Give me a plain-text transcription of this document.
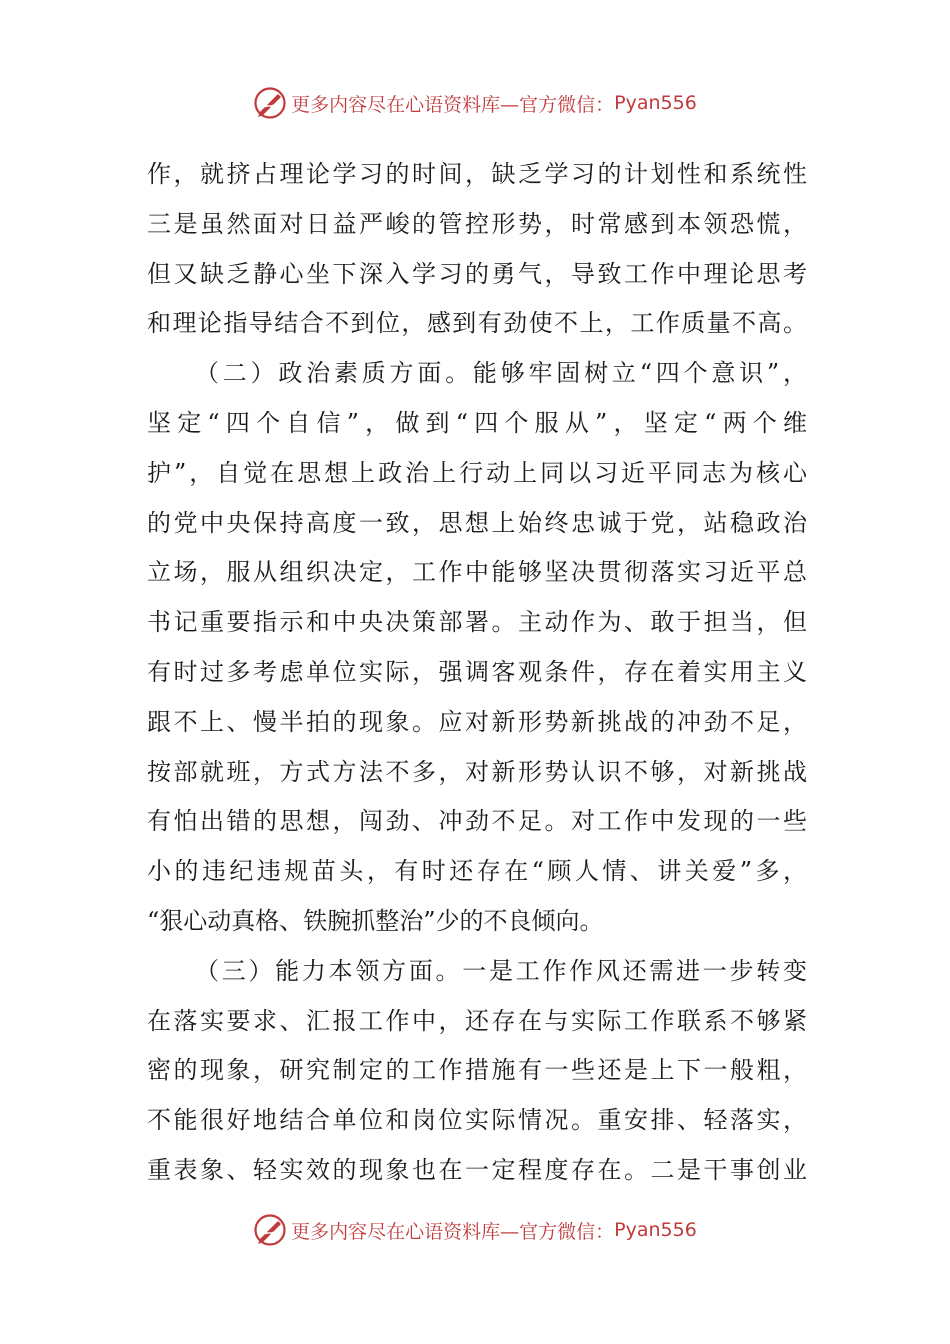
更多内容尽在心语资料库—官方微信： Pyan556
作，就挤占理论学习的时间，缺乏学习的计划性和系统性
三是虽然面对日益严峻的管控形势，时常感到本领恐慌，
但又缺乏静心坐下深入学习的勇气，导致工作中理论思考
和理论指导结合不到位，感到有劲使不上，工作质量不高。
（二）政治素质方面。能够牢固树立“四个意识”，
坚定“四个自信”，做到“四个服从”，坚定“两个维
护”，自觉在思想上政治上行动上同以习近平同志为核心
的党中央保持高度一致，思想上始终忠诚于党，站稳政治
立场，服从组织决定，工作中能够坚决贯彻落实习近平总
书记重要指示和中央决策部署。主动作为、敢于担当，但
有时过多考虑单位实际，强调客观条件，存在着实用主义
跟不上、慢半拍的现象。应对新形势新挑战的冲劲不足，
按部就班，方式方法不多，对新形势认识不够，对新挑战
有怕出错的思想，闯劲、冲劲不足。对工作中发现的一些
小的违纪违规苗头，有时还存在“顾人情、讲关爱”多，
“狠心动真格、铁腕抓整治”少的不良倾向。
（三）能力本领方面。一是工作作风还需进一步转变
在落实要求、汇报工作中，还存在与实际工作联系不够紧
密的现象，研究制定的工作措施有一些还是上下一般粗，
不能很好地结合单位和岗位实际情况。重安排、轻落实，
重表象、轻实效的现象也在一定程度存在。二是干事创业
更多内容尽在心语资料库—官方微信： Pyan556
